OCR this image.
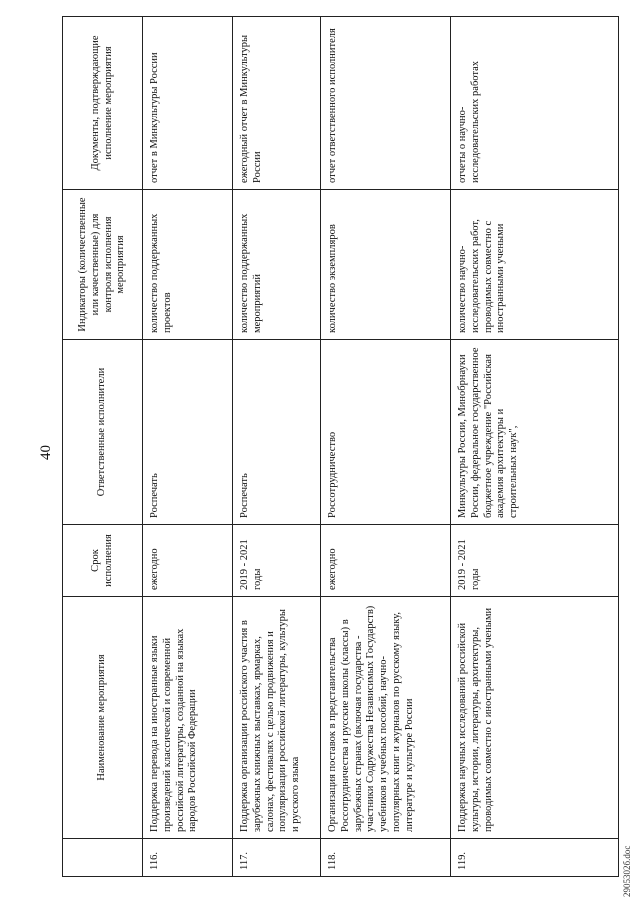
40
	Наименование мероприятия	Срок исполнения	Ответственные исполнители	Индикаторы (количественные или качественные) для контроля исполнения мероприятия	Документы, подтверждающие исполнение мероприятия
116.	Поддержка перевода на иностранные языки произведений классической и современной российской литературы, созданной на языках народов Российской Федерации	ежегодно	Роспечать	количество поддержанных проектов	отчет в Минкультуры России
117.	Поддержка организации российского участия в зарубежных книжных выставках, ярмарках, салонах, фестивалях с целью продвижения и популяризации российской литературы, культуры и русского языка	2019 - 2021 годы	Роспечать	количество поддержанных мероприятий	ежегодный отчет в Минкультуры России
118.	Организация поставок в представительства Россотрудничества и русские школы (классы) в зарубежных странах (включая государства - участники Содружества Независимых Государств) учебников и учебных пособий, научно-популярных книг и журналов по русскому языку, литературе и культуре России	ежегодно	Россотрудничество	количество экземпляров	отчет ответственного исполнителя
119.	Поддержка научных исследований российской культуры, истории, литературы, архитектуры, проводимых совместно с иностранными учеными	2019 - 2021 годы	Минкультуры России, Минобрнауки России, федеральное государственное бюджетное учреждение "Российская академия архитектуры и строительных наук",	количество научно-исследовательских работ, проводимых совместно с иностранными учеными	отчеты о научно-исследовательских работах
2905302б.doc
